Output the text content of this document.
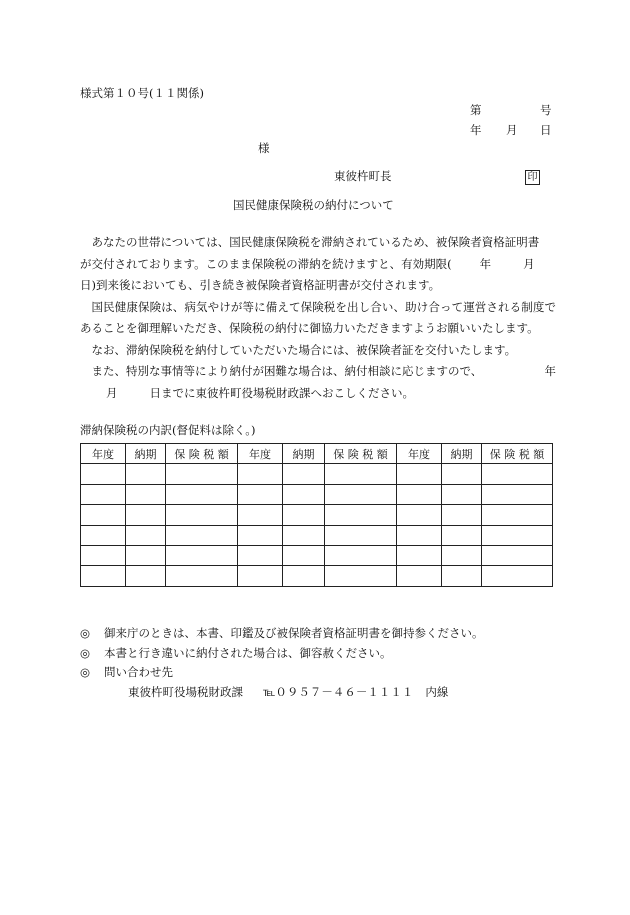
様式第１０号(１１関係)
第	号
年 月 日
様
東彼杵町長	印
国民健康保険税の納付について

あなたの世帯については、国民健康保険税を滞納されているため、被保険者資格証明書

が交付されております。このまま保険税の滞納を続けますと、有効期限( 年	月

日)到来後においても、引き続き被保険者資格証明書が交付されます。

国民健康保険は、病気やけが等に備えて保険税を出し合い、助け合って運営される制度であることを御理解いただき、保険税の納付に御協力いただきますようお願いいたします。

なお、滞納保険税を納付していただいた場合には、被保険者証を交付いたします。

また、特別な事情等により納付が困難な場合は、納付相談に応じますので、	年

月	日までに東彼杵町役場税財政課へおこしください。

滞納保険税の内訳(督促料は除く。)
年度	納期	保 険 税 額	年度	納期	保 険 税 額	年度	納期	保 険 税 額

◎ 御来庁のときは、本書、印鑑及び被保険者資格証明書を御持参ください。
◎ 本書と行き違いに納付された場合は、御容赦ください。
◎ 問い合わせ先
東彼杵町役場税財政課 ℡０９５７－４６－１１１１ 内線
